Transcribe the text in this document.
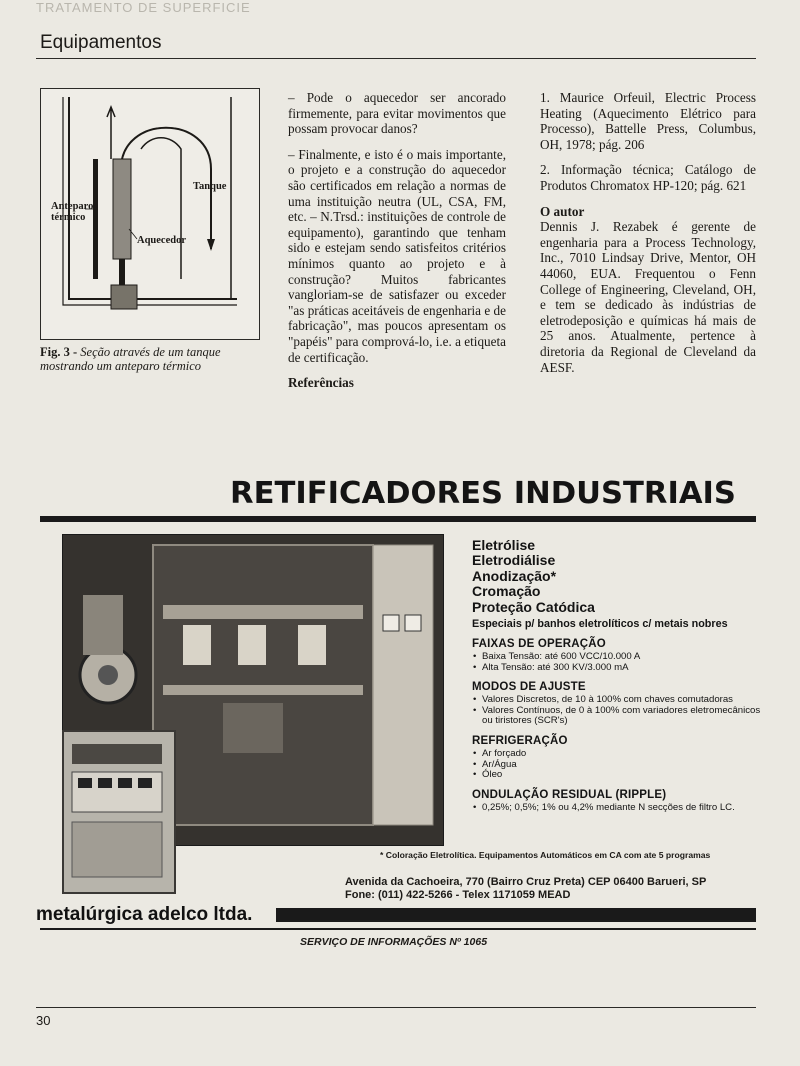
TRATAMENTO DE SUPERFICIE
Equipamentos
Tanque
Anteparo térmico
Aquecedor
Fig. 3 - Seção através de um tanque mostrando um anteparo térmico

– Pode o aquecedor ser ancorado firmemente, para evitar movimentos que possam provocar danos?

– Finalmente, e isto é o mais importante, o projeto e a construção do aquecedor são certificados em relação a normas de uma instituição neutra (UL, CSA, FM, etc. – N.Trsd.: instituições de controle de equipamento), garantindo que tenham sido e estejam sendo satisfeitos critérios mínimos quanto ao projeto e à construção? Muitos fabricantes vangloriam-se de satisfazer ou exceder "as práticas aceitáveis de engenharia e de fabricação", mas poucos apresentam os "papéis" para comprová-lo, i.e. a etiqueta de certificação.

Referências

1. Maurice Orfeuil, Electric Process Heating (Aquecimento Elétrico para Processo), Battelle Press, Columbus, OH, 1978; pág. 206

2. Informação técnica; Catálogo de Produtos Chromatox HP-120; pág. 621

O autor

Dennis J. Rezabek é gerente de engenharia para a Process Technology, Inc., 7010 Lindsay Drive, Mentor, OH 44060, EUA. Frequentou o Fenn College of Engineering, Cleveland, OH, e tem se dedicado às indústrias de eletrodeposição e químicas há mais de 25 anos. Atualmente, pertence à diretoria da Regional de Cleveland da AESF.

RETIFICADORES INDUSTRIAIS
Eletrólise
Eletrodiálise
Anodização*
Cromação
Proteção Catódica
Especiais p/ banhos eletrolíticos c/ metais nobres
FAIXAS DE OPERAÇÃO
• Baixa Tensão: até 600 VCC/10.000 A
• Alta Tensão: até 300 KV/3.000 mA
MODOS DE AJUSTE
• Valores Discretos, de 10 à 100% com chaves comutadoras
• Valores Contínuos, de 0 à 100% com variadores eletromecânicos ou tiristores (SCR's)
REFRIGERAÇÃO
• Ar forçado
• Ar/Água
• Óleo
ONDULAÇÃO RESIDUAL (RIPPLE)
• 0,25%; 0,5%; 1% ou 4,2% mediante N secções de filtro LC.
* Coloração Eletrolítica. Equipamentos Automáticos em CA com ate 5 programas
Avenida da Cachoeira, 770 (Bairro Cruz Preta) CEP 06400 Barueri, SP
Fone: (011) 422-5266 - Telex 1171059 MEAD
metalúrgica adelco ltda.
SERVIÇO DE INFORMAÇÕES Nº 1065
30
